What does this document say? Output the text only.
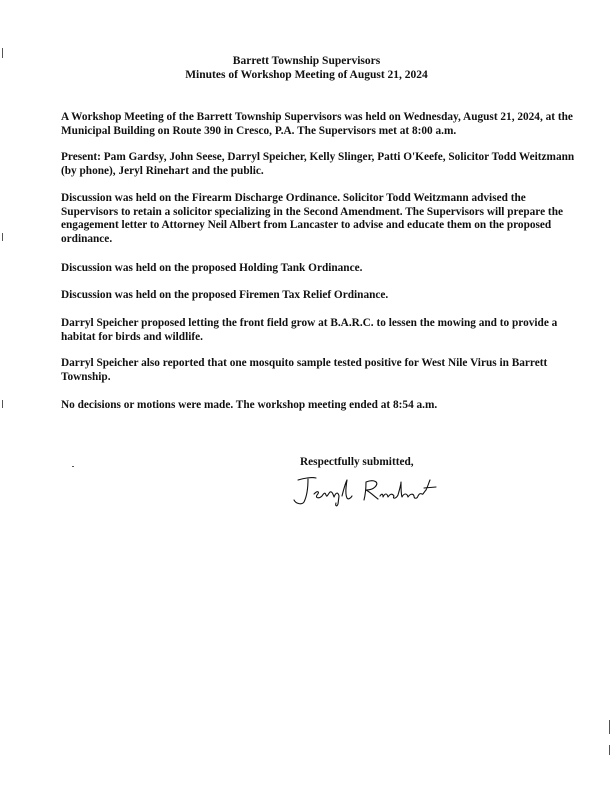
Barrett Township Supervisors
Minutes of Workshop Meeting of August 21, 2024
A Workshop Meeting of the Barrett Township Supervisors was held on Wednesday, August 21, 2024, at the Municipal Building on Route 390 in Cresco, P.A. The Supervisors met at 8:00 a.m.
Present: Pam Gardsy, John Seese, Darryl Speicher, Kelly Slinger, Patti O'Keefe, Solicitor Todd Weitzmann (by phone), Jeryl Rinehart and the public.
Discussion was held on the Firearm Discharge Ordinance. Solicitor Todd Weitzmann advised the Supervisors to retain a solicitor specializing in the Second Amendment. The Supervisors will prepare the engagement letter to Attorney Neil Albert from Lancaster to advise and educate them on the proposed ordinance.
Discussion was held on the proposed Holding Tank Ordinance.
Discussion was held on the proposed Firemen Tax Relief Ordinance.
Darryl Speicher proposed letting the front field grow at B.A.R.C. to lessen the mowing and to provide a habitat for birds and wildlife.
Darryl Speicher also reported that one mosquito sample tested positive for West Nile Virus in Barrett Township.
No decisions or motions were made. The workshop meeting ended at 8:54 a.m.
Respectfully submitted,
